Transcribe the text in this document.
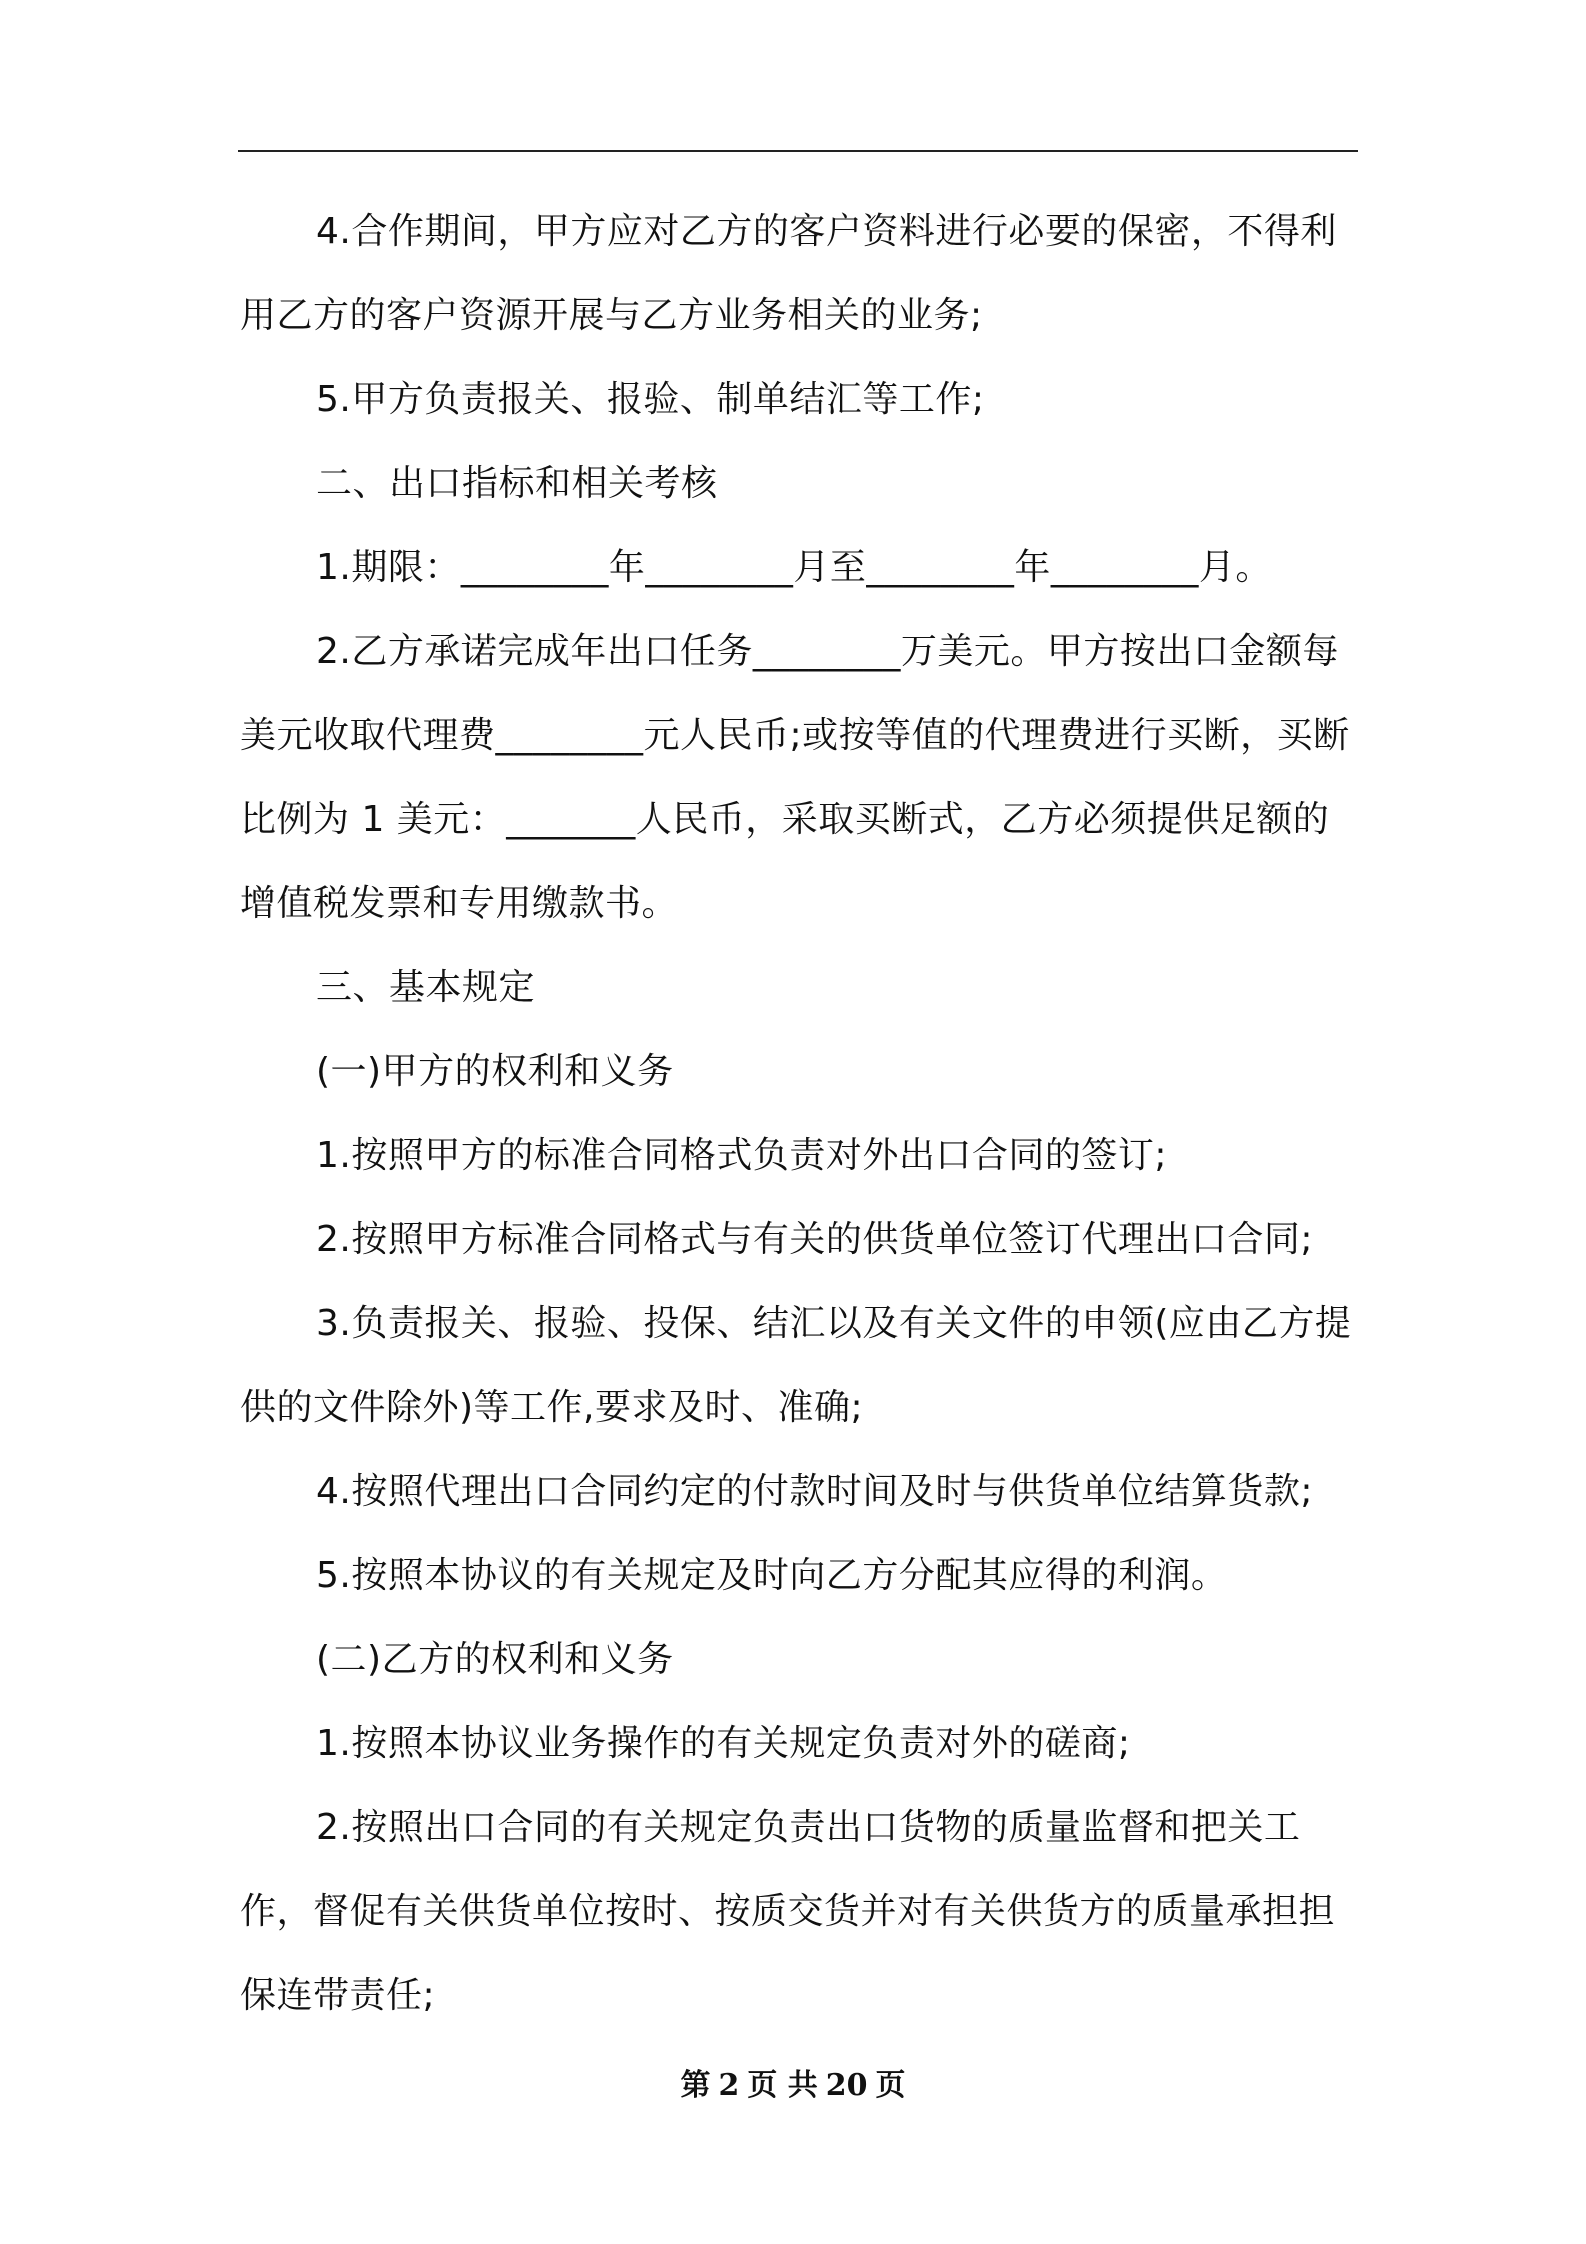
4.合作期间，甲方应对乙方的客户资料进行必要的保密，不得利用乙方的客户资源开展与乙方业务相关的业务;

5.甲方负责报关、报验、制单结汇等工作;

二、出口指标和相关考核

1.期限：________年________月至________年________月。

2.乙方承诺完成年出口任务________万美元。甲方按出口金额每美元收取代理费________元人民币;或按等值的代理费进行买断，买断比例为 1 美元：_______人民币，采取买断式，乙方必须提供足额的增值税发票和专用缴款书。

三、基本规定

(一)甲方的权利和义务

1.按照甲方的标准合同格式负责对外出口合同的签订;

2.按照甲方标准合同格式与有关的供货单位签订代理出口合同;

3.负责报关、报验、投保、结汇以及有关文件的申领(应由乙方提供的文件除外)等工作,要求及时、准确;

4.按照代理出口合同约定的付款时间及时与供货单位结算货款;

5.按照本协议的有关规定及时向乙方分配其应得的利润。

(二)乙方的权利和义务

1.按照本协议业务操作的有关规定负责对外的磋商;

2.按照出口合同的有关规定负责出口货物的质量监督和把关工作，督促有关供货单位按时、按质交货并对有关供货方的质量承担担保连带责任;

第 2 页 共 20 页
